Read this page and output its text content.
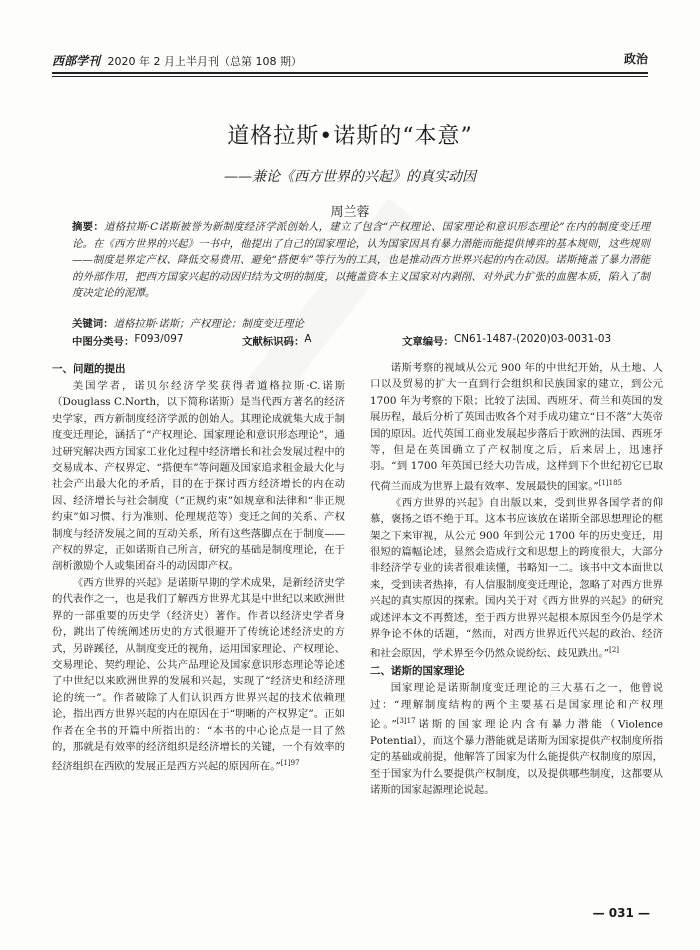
西部学刊 2020 年 2 月上半月刊（总第 108 期）	政治
道格拉斯•诺斯的“本意”
——兼论《西方世界的兴起》的真实动因
周兰蓉
摘要：道格拉斯·C诺斯被誉为新制度经济学派创始人，建立了包含“产权理论、国家理论和意识形态理论”在内的制度变迁理论。在《西方世界的兴起》一书中，他提出了自己的国家理论，认为国家因具有暴力潜能而能提供博弈的基本规则，这些规则——制度是界定产权、降低交易费用、避免“搭便车”等行为的工具，也是推动西方世界兴起的内在动因。诺斯掩盖了暴力潜能的外部作用，把西方国家兴起的动因归结为文明的制度，以掩盖资本主义国家对内剥削、对外武力扩张的血腥本质，陷入了制度决定论的泥潭。
关键词：道格拉斯·诺斯；产权理论；制度变迁理论
中图分类号： F093/097	文献标识码： A	文章编号： CN61-1487-(2020)03-0031-03
一、问题的提出

美国学者，诺贝尔经济学奖获得者道格拉斯·C.诺斯（Douglass C.North，以下简称诺斯）是当代西方著名的经济史学家，西方新制度经济学派的创始人。其理论成就集大成于制度变迁理论，涵括了“产权理论、国家理论和意识形态理论”，通过研究解决西方国家工业化过程中经济增长和社会发展过程中的交易成本、产权界定、“搭便车”等问题及国家追求租金最大化与社会产出最大化的矛盾，目的在于探讨西方经济增长的内在动因、经济增长与社会制度（“正规约束”如规章和法律和“非正规约束”如习惯、行为准则、伦理规范等）变迁之间的关系、产权制度与经济发展之间的互动关系，所有这些落脚点在于制度——产权的界定，正如诺斯自己所言，研究的基础是制度理论，在于剖析激励个人或集团奋斗的动因即产权。

《西方世界的兴起》是诺斯早期的学术成果，是新经济史学的代表作之一，也是我们了解西方世界尤其是中世纪以来欧洲世界的一部重要的历史学（经济史）著作。作者以经济史学者身份，跳出了传统阐述历史的方式很避开了传统论述经济史的方式，另辟蹊径，从制度变迁的视角，运用国家理论、产权理论、交易理论、契约理论、公共产品理论及国家意识形态理论等论述了中世纪以来欧洲世界的发展和兴起，实现了“经济史和经济理论的统一”。作者破除了人们认识西方世界兴起的技术依赖理论，指出西方世界兴起的内在原因在于“明晰的产权界定”。正如作者在全书的开篇中所指出的：“本书的中心论点是一目了然的，那就是有效率的经济组织是经济增长的关键，一个有效率的经济组织在西欧的发展正是西方兴起的原因所在。”$^{[1]97}$

诺斯考察的视域从公元 900 年的中世纪开始，从土地、人口以及贸易的扩大一直到行会组织和民族国家的建立，到公元 1700 年为考察的下限；比较了法国、西班牙、荷兰和英国的发展历程，最后分析了英国击败各个对手成功建立“日不落”大英帝国的原因。近代英国工商业发展起步落后于欧洲的法国、西班牙等，但是在英国确立了产权制度之后，后来居上，迅速抒羽。“到 1700 年英国已经大功告成，这样到下个世纪初它已取代荷兰而成为世界上最有效率、发展最快的国家。”$^{[1]185}$

《西方世界的兴起》自出版以来，受到世界各国学者的仰慕，褒扬之语不绝于耳。这本书应该放在诺斯全部思想理论的框架之下来审视，从公元 900 年到公元 1700 年的历史变迁，用很短的篇幅论述，显然会造成行文和思想上的跨度很大，大部分非经济学专业的读者很难读懂，书略知一二。该书中文本面世以来，受到读者热捧，有人信服制度变迁理论，忽略了对西方世界兴起的真实原因的探索。国内关于对《西方世界的兴起》的研究或述评本文不再赘述，至于西方世界兴起根本原因至今仍是学术界争论不休的话题，“然而，对西方世界近代兴起的政治、经济和社会原因，学术界至今仍然众说纷纭、歧见跌出。”[2]

二、诺斯的国家理论

国家理论是诺斯制度变迁理论的三大基石之一，他曾说过：“理解制度结构的两个主要基石是国家理论和产权理论。”$^{[3]17}$诺斯的国家理论内含有暴力潜能（Violence Potential），而这个暴力潜能就是诺斯为国家提供产权制度所指定的基础或前提，他解答了国家为什么能提供产权制度的原因，至于国家为什么要提供产权制度，以及提供哪些制度，这都要从诺斯的国家起源理论说起。

— 031 —
